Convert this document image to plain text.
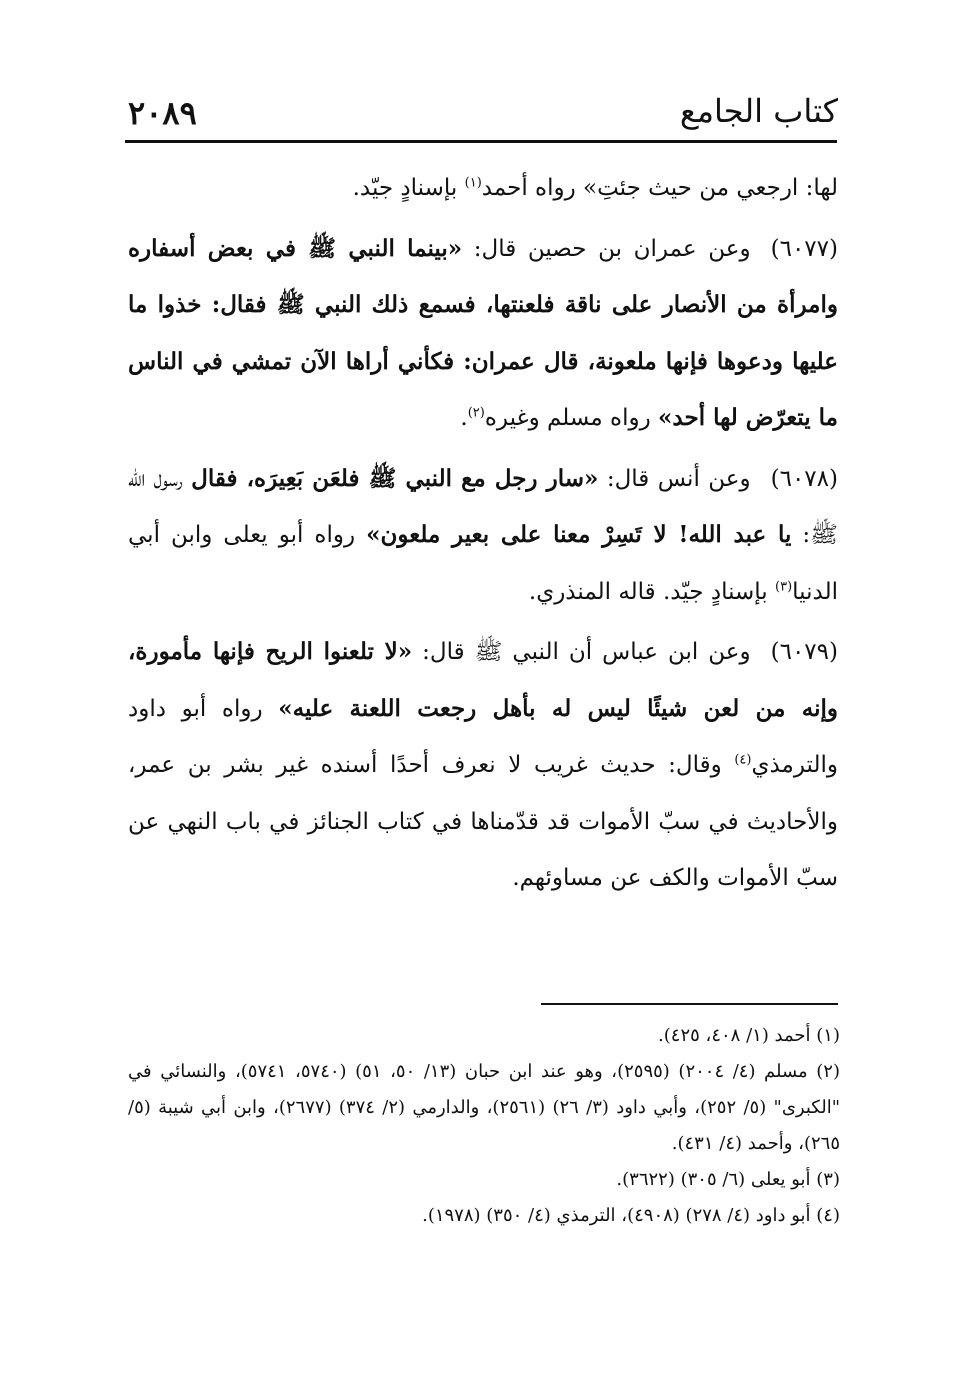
٢٠٨٩	كتاب الجامع

لها: ارجعي من حيث جئتِ» رواه أحمد$^{(١)}$ بإسنادٍ جيّد.

(٦٠٧٧)وعن عمران بن حصين قال: «بينما النبي ﷺ في بعض أسفاره وامرأة من الأنصار على ناقة فلعنتها، فسمع ذلك النبي ﷺ فقال: خذوا ما عليها ودعوها فإنها ملعونة، قال عمران: فكأني أراها الآن تمشي في الناس ما يتعرّض لها أحد» رواه مسلم وغيره$^{(٢)}$.

(٦٠٧٨)وعن أنس قال: «سار رجل مع النبي ﷺ فلعَن بَعِيرَه، فقال رسول الله ﷺ: يا عبد الله! لا تَسِرْ معنا على بعير ملعون» رواه أبو يعلى وابن أبي الدنيا$^{(٣)}$ بإسنادٍ جيّد. قاله المنذري.

(٦٠٧٩)وعن ابن عباس أن النبي ﷺ قال: «لا تلعنوا الريح فإنها مأمورة، وإنه من لعن شيئًا ليس له بأهل رجعت اللعنة عليه» رواه أبو داود والترمذي$^{(٤)}$ وقال: حديث غريب لا نعرف أحدًا أسنده غير بشر بن عمر، والأحاديث في سبّ الأموات قد قدّمناها في كتاب الجنائز في باب النهي عن سبّ الأموات والكف عن مساوئهم.

(١) أحمد (١/ ٤٠٨، ٤٢٥).

(٢) مسلم (٤/ ٢٠٠٤) (٢٥٩٥)، وهو عند ابن حبان (١٣/ ٥٠، ٥١) (٥٧٤٠، ٥٧٤١)، والنسائي في "الكبرى" (٥/ ٢٥٢)، وأبي داود (٣/ ٢٦) (٢٥٦١)، والدارمي (٢/ ٣٧٤) (٢٦٧٧)، وابن أبي شيبة (٥/ ٢٦٥)، وأحمد (٤/ ٤٣١).

(٣) أبو يعلى (٦/ ٣٠٥) (٣٦٢٢).

(٤) أبو داود (٤/ ٢٧٨) (٤٩٠٨)، الترمذي (٤/ ٣٥٠) (١٩٧٨).
